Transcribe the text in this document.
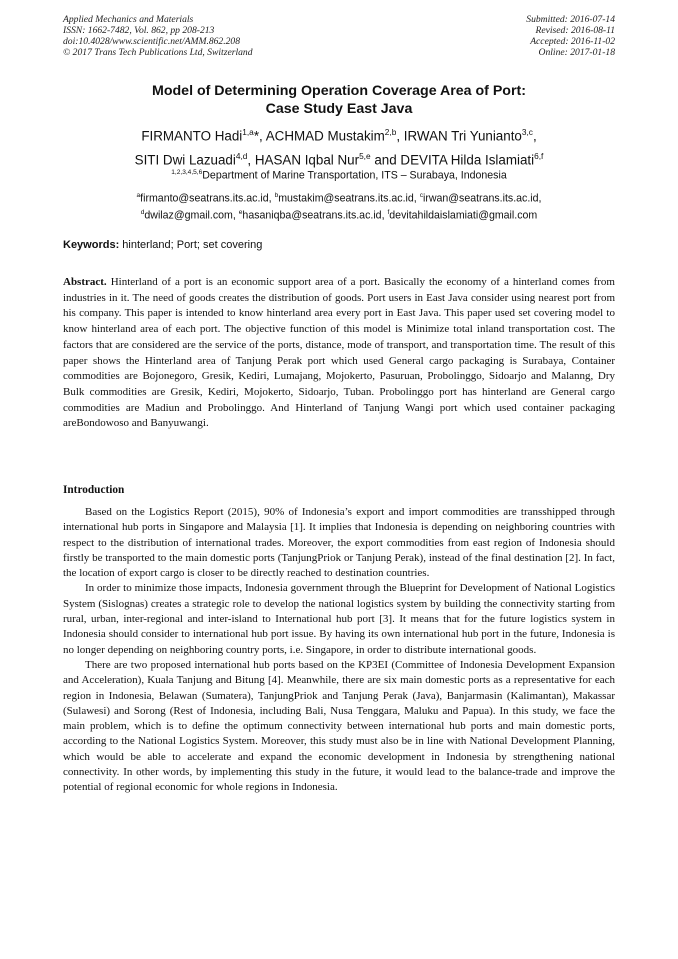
Applied Mechanics and Materials
ISSN: 1662-7482, Vol. 862, pp 208-213
doi:10.4028/www.scientific.net/AMM.862.208
© 2017 Trans Tech Publications Ltd, Switzerland
Submitted: 2016-07-14
Revised: 2016-08-11
Accepted: 2016-11-02
Online: 2017-01-18
Model of Determining Operation Coverage Area of Port:
Case Study East Java
FIRMANTO Hadi$^{1,a}$*, ACHMAD Mustakim$^{2,b}$, IRWAN Tri Yunianto$^{3,c}$,
SITI Dwi Lazuadi$^{4,d}$, HASAN Iqbal Nur$^{5,e}$ and DEVITA Hilda Islamiati$^{6,f}$
$^{1,2,3,4,5,6}$Department of Marine Transportation, ITS – Surabaya, Indonesia
$^a$firmanto@seatrans.its.ac.id, $^b$mustakim@seatrans.its.ac.id, $^c$irwan@seatrans.its.ac.id,
$^d$dwilaz@gmail.com, $^e$hasaniqba@seatrans.its.ac.id, $^f$devitahildaislamiati@gmail.com
Keywords: hinterland; Port; set covering
Abstract. Hinterland of a port is an economic support area of a port. Basically the economy of a hinterland comes from industries in it. The need of goods creates the distribution of goods. Port users in East Java consider using nearest port from his company. This paper is intended to know hinterland area every port in East Java. This paper used set covering model to know hinterland area of each port. The objective function of this model is Minimize total inland transportation cost. The factors that are considered are the service of the ports, distance, mode of transport, and transportation time. The result of this paper shows the Hinterland area of Tanjung Perak port which used General cargo packaging is Surabaya, Container commodities are Bojonegoro, Gresik, Kediri, Lumajang, Mojokerto, Pasuruan, Probolinggo, Sidoarjo and Malanng, Dry Bulk commodities are Gresik, Kediri, Mojokerto, Sidoarjo, Tuban. Probolinggo port has hinterland are General cargo commodities are Madiun and Probolinggo. And Hinterland of Tanjung Wangi port which used container packaging areBondowoso and Banyuwangi.
Introduction

Based on the Logistics Report (2015), 90% of Indonesia’s export and import commodities are transshipped through international hub ports in Singapore and Malaysia [1]. It implies that Indonesia is depending on neighboring countries with respect to the distribution of international trades. Moreover, the export commodities from east region of Indonesia should firstly be transported to the main domestic ports (TanjungPriok or Tanjung Perak), instead of the final destination [2]. In fact, the location of export cargo is closer to be directly reached to destination countries.

In order to minimize those impacts, Indonesia government through the Blueprint for Development of National Logistics System (Sislognas) creates a strategic role to develop the national logistics system by building the connectivity starting from rural, urban, inter-regional and inter-island to International hub port [3]. It means that for the future logistics system in Indonesia should consider to international hub port issue. By having its own international hub port in the future, Indonesia is no longer depending on neighboring country ports, i.e. Singapore, in order to distribute international goods.

There are two proposed international hub ports based on the KP3EI (Committee of Indonesia Development Expansion and Acceleration), Kuala Tanjung and Bitung [4]. Meanwhile, there are six main domestic ports as a representative for each region in Indonesia, Belawan (Sumatera), TanjungPriok and Tanjung Perak (Java), Banjarmasin (Kalimantan), Makassar (Sulawesi) and Sorong (Rest of Indonesia, including Bali, Nusa Tenggara, Maluku and Papua). In this study, we face the main problem, which is to define the optimum connectivity between international hub ports and main domestic ports, according to the National Logistics System. Moreover, this study must also be in line with National Development Planning, which would be able to accelerate and expand the economic development in Indonesia by strengthening national connectivity. In other words, by implementing this study in the future, it would lead to the balance-trade and improve the potential of regional economic for whole regions in Indonesia.
